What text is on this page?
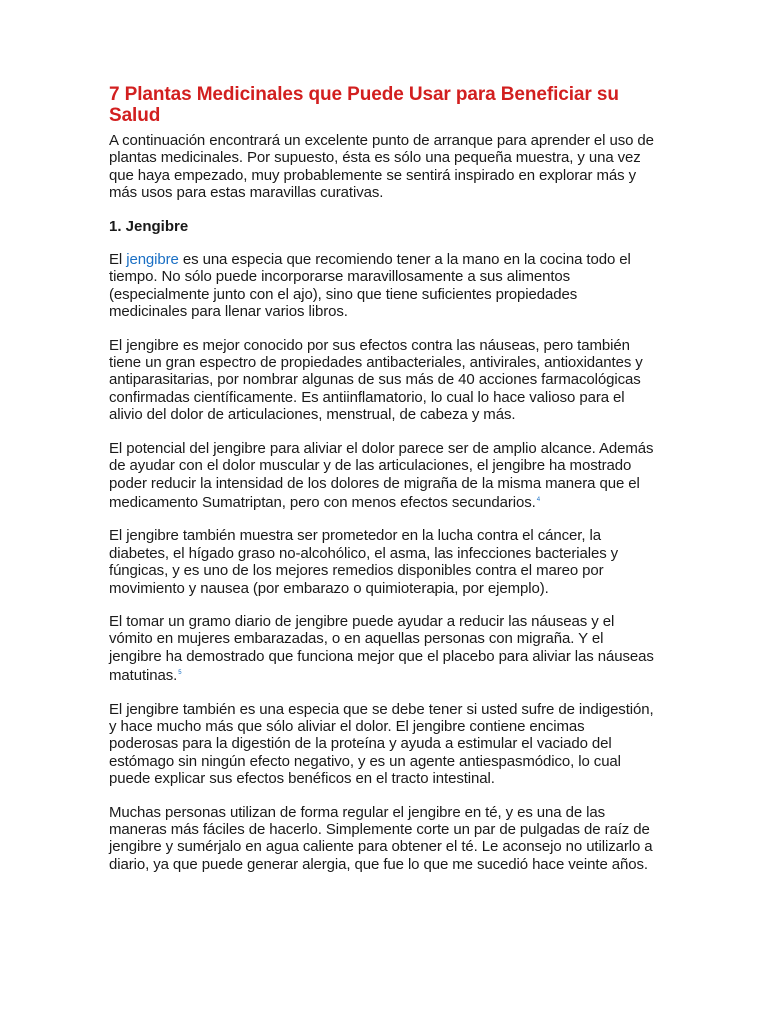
7 Plantas Medicinales que Puede Usar para Beneficiar su Salud

A continuación encontrará un excelente punto de arranque para aprender el uso de plantas medicinales. Por supuesto, ésta es sólo una pequeña muestra, y una vez que haya empezado, muy probablemente se sentirá inspirado en explorar más y más usos para estas maravillas curativas.

1. Jengibre

El jengibre es una especia que recomiendo tener a la mano en la cocina todo el tiempo. No sólo puede incorporarse maravillosamente a sus alimentos (especialmente junto con el ajo), sino que tiene suficientes propiedades medicinales para llenar varios libros.

El jengibre es mejor conocido por sus efectos contra las náuseas, pero también tiene un gran espectro de propiedades antibacteriales, antivirales, antioxidantes y antiparasitarias, por nombrar algunas de sus más de 40 acciones farmacológicas confirmadas científicamente. Es antiinflamatorio, lo cual lo hace valioso para el alivio del dolor de articulaciones, menstrual, de cabeza y más.

El potencial del jengibre para aliviar el dolor parece ser de amplio alcance. Además de ayudar con el dolor muscular y de las articulaciones, el jengibre ha mostrado poder reducir la intensidad de los dolores de migraña de la misma manera que el medicamento Sumatriptan, pero con menos efectos secundarios.$^4$

El jengibre también muestra ser prometedor en la lucha contra el cáncer, la diabetes, el hígado graso no-alcohólico, el asma, las infecciones bacteriales y fúngicas, y es uno de los mejores remedios disponibles contra el mareo por movimiento y nausea (por embarazo o quimioterapia, por ejemplo).

El tomar un gramo diario de jengibre puede ayudar a reducir las náuseas y el vómito en mujeres embarazadas, o en aquellas personas con migraña. Y el jengibre ha demostrado que funciona mejor que el placebo para aliviar las náuseas matutinas.$^5$

El jengibre también es una especia que se debe tener si usted sufre de indigestión, y hace mucho más que sólo aliviar el dolor. El jengibre contiene encimas poderosas para la digestión de la proteína y ayuda a estimular el vaciado del estómago sin ningún efecto negativo, y es un agente antiespasmódico, lo cual puede explicar sus efectos benéficos en el tracto intestinal.

Muchas personas utilizan de forma regular el jengibre en té, y es una de las maneras más fáciles de hacerlo. Simplemente corte un par de pulgadas de raíz de jengibre y sumérjalo en agua caliente para obtener el té. Le aconsejo no utilizarlo a diario, ya que puede generar alergia, que fue lo que me sucedió hace veinte años.
